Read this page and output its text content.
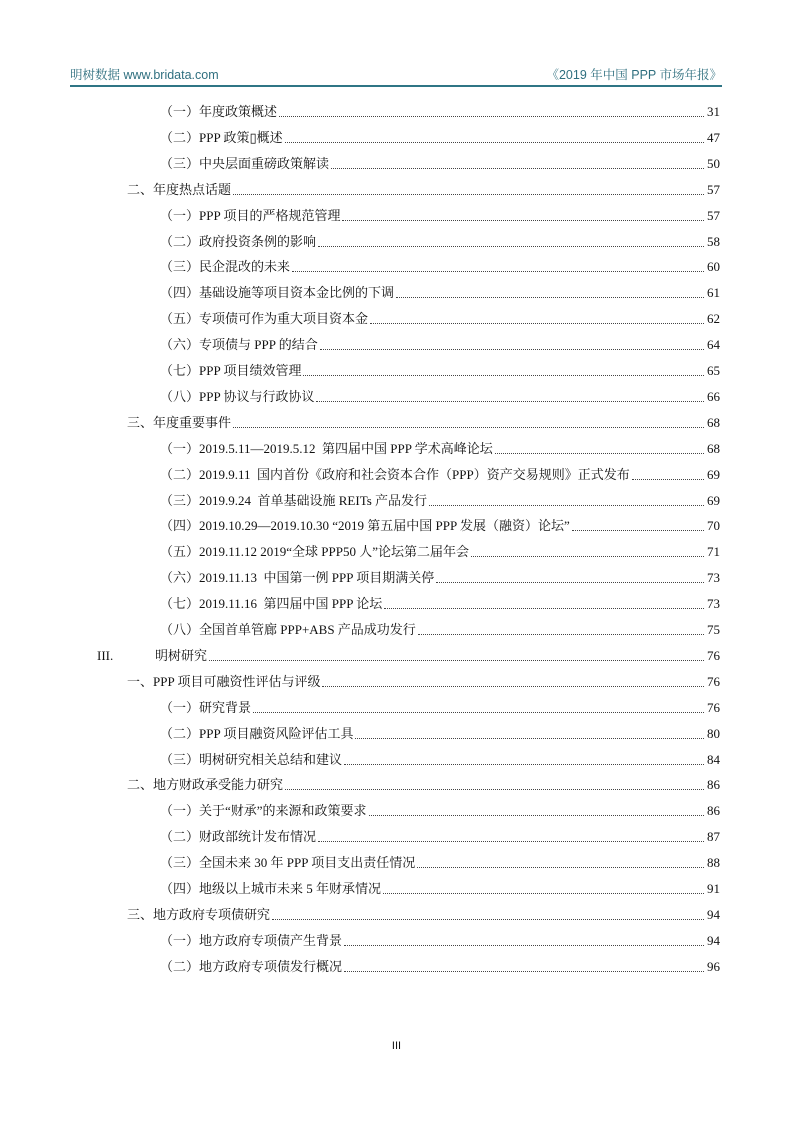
明树数据 www.bridata.com	《2019 年中国 PPP 市场年报》
（一）年度政策概述	31
（二）PPP 政策▯概述	47
（三）中央层面重磅政策解读	50
二、年度热点话题	57
（一）PPP 项目的严格规范管理	57
（二）政府投资条例的影响	58
（三）民企混改的未来	60
（四）基础设施等项目资本金比例的下调	61
（五）专项债可作为重大项目资本金	62
（六）专项债与 PPP 的结合	64
（七）PPP 项目绩效管理	65
（八）PPP 协议与行政协议	66
三、年度重要事件	68
（一）2019.5.11—2019.5.12  第四届中国 PPP 学术高峰论坛	68
（二）2019.9.11  国内首份《政府和社会资本合作（PPP）资产交易规则》正式发布	69
（三）2019.9.24  首单基础设施 REITs 产品发行	69
（四）2019.10.29—2019.10.30 “2019 第五届中国 PPP 发展（融资）论坛”	70
（五）2019.11.12 2019“全球 PPP50 人”论坛第二届年会	71
（六）2019.11.13  中国第一例 PPP 项目期满关停	73
（七）2019.11.16  第四届中国 PPP 论坛	73
（八）全国首单管廊 PPP+ABS 产品成功发行	75
III.	明树研究	76
一、PPP 项目可融资性评估与评级	76
（一）研究背景	76
（二）PPP 项目融资风险评估工具	80
（三）明树研究相关总结和建议	84
二、地方财政承受能力研究	86
（一）关于“财承”的来源和政策要求	86
（二）财政部统计发布情况	87
（三）全国未来 30 年 PPP 项目支出责任情况	88
（四）地级以上城市未来 5 年财承情况	91
三、地方政府专项债研究	94
（一）地方政府专项债产生背景	94
（二）地方政府专项债发行概况	96
III
